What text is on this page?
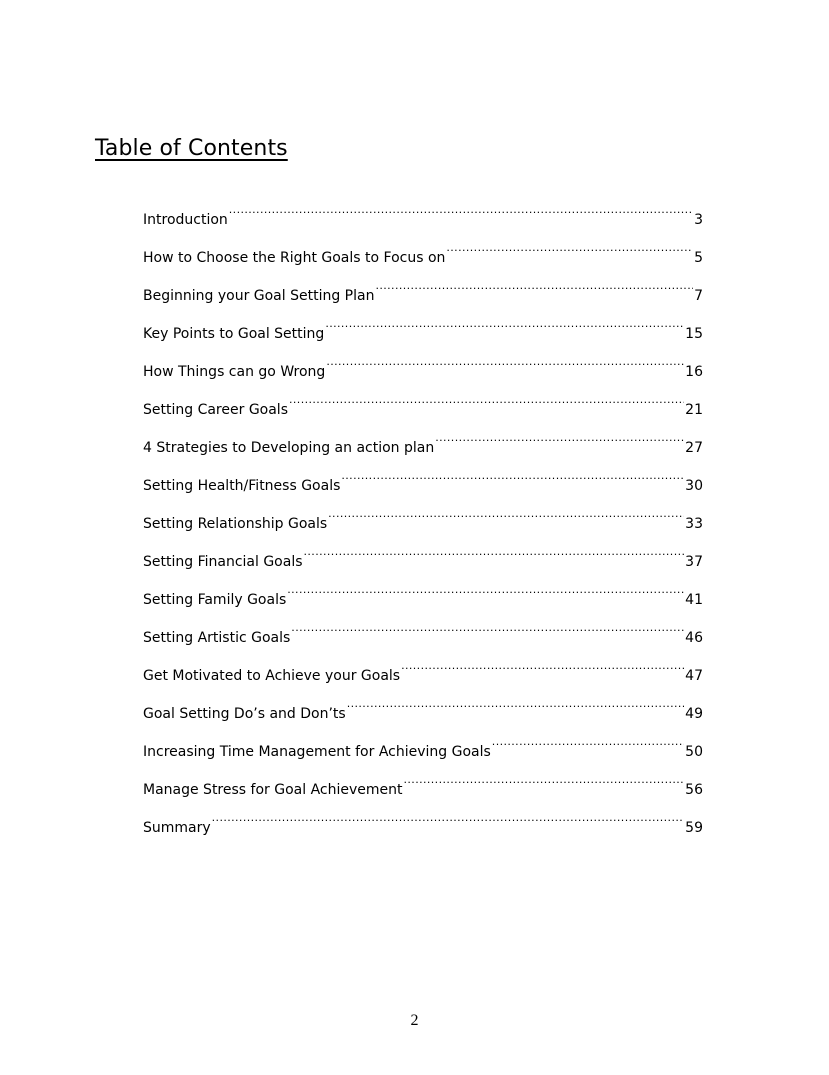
Table of Contents
Introduction .....	3
How to Choose the Right Goals to Focus on .....	5
Beginning your Goal Setting Plan .....	7
Key Points to Goal Setting .....	15
How Things can go Wrong .....	16
Setting Career Goals .....	21
4 Strategies to Developing an action plan .....	27
Setting Health/Fitness Goals .....	30
Setting Relationship Goals .....	33
Setting Financial Goals .....	37
Setting Family Goals .....	41
Setting Artistic Goals .....	46
Get Motivated to Achieve your Goals .....	47
Goal Setting Do’s and Don’ts .....	49
Increasing Time Management for Achieving Goals .....	50
Manage Stress for Goal Achievement .....	56
Summary .....	59
2
